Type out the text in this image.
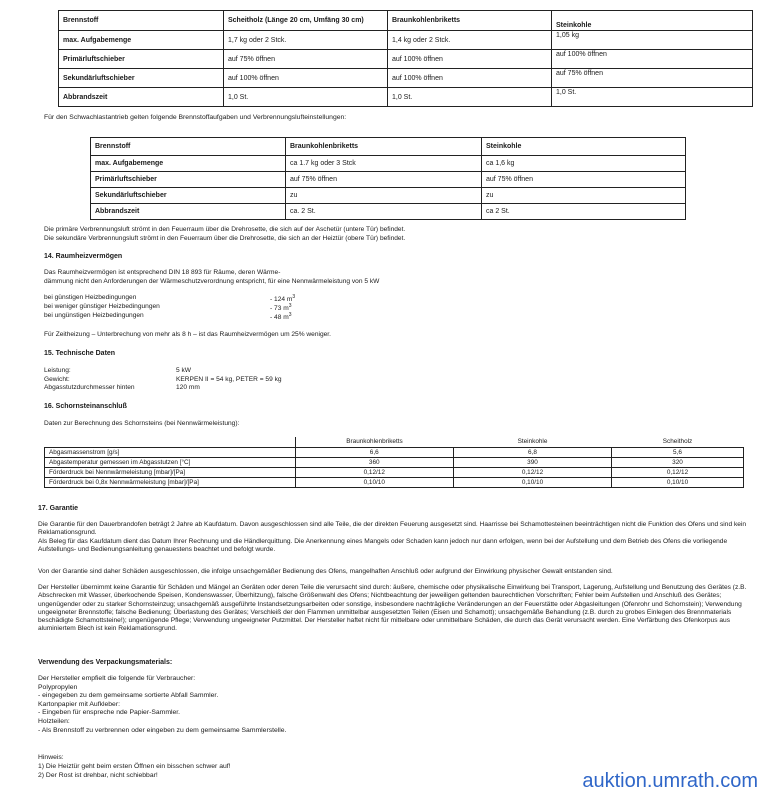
Brennstoff	Scheitholz (Länge 20 cm, Umfäng 30 cm)	Braunkohlenbriketts	Steinkohle
max. Aufgabemenge	1,7 kg oder 2 Stck.	1,4 kg oder 2 Stck.	1,05 kg
Primärluftschieber	auf 75% öffnen	auf 100% öffnen	auf 100% öffnen
Sekundärluftschieber	auf 100% öffnen	auf 100% öffnen	auf 75% öffnen
Abbrandszeit	1,0 St.	1,0 St.	1,0 St.
Für den Schwachlastantrieb gelten folgende Brennstoffaufgaben und Verbrennungslufteinstellungen:
Brennstoff	Braunkohlenbriketts	Steinkohle
max. Aufgabemenge	ca 1.7 kg oder 3 Stck	ca 1,6 kg
Primärluftschieber	auf 75% öffnen	auf 75% öffnen
Sekundärluftschieber	zu	zu
Abbrandszeit	ca. 2 St.	ca 2 St.

Die primäre Verbrennungsluft strömt in den Feuerraum über die Drehrosette, die sich auf der Aschetür (untere Tür) befindet.

Die sekundäre Verbrennungsluft strömt in den Feuerraum über die Drehrosette, die sich an der Heiztür (obere Tür) befindet.

14. Raumheizvermögen

Das Raumheizvermögen ist entsprechend DIN 18 893 für Räume, deren Wärme-

dämmung nicht den Anforderungen der Wärmeschutzverordnung entspricht, für eine Nennwärmeleistung von 5 kW

bei günstigen Heizbedingungen	- 124 $m^3$
bei weniger günstiger Heizbedingungen	- 73 $m^3$
bei ungünstigen Heizbedingungen	- 48 $m^3$
Für Zeitheizung – Unterbrechung von mehr als 8 h – ist das Raumheizvermögen um 25% weniger.
15. Technische Daten
Leistung:	5 kW
Gewicht:	KERPEN II = 54 kg, PETER = 59 kg
Abgasstutzdurchmesser hinten	120 mm
16. Schornsteinanschluß
Daten zur Berechnung des Schornsteins (bei Nennwärmeleistung):
	Braunkohlenbriketts	Steinkohle	Scheitholz
Abgasmassenstrom [g/s]	6,6	6,8	5,6
Abgastemperatur gemessen im Abgasstutzen [°C]	360	390	320
Förderdruck bei Nennwärmeleistung [mbar]/[Pa]	0,12/12	0,12/12	0,12/12
Förderdruck bei 0,8x Nennwärmeleistung [mbar]/[Pa]	0,10/10	0,10/10	0,10/10
17. Garantie

Die Garantie für den Dauerbrandofen beträgt 2 Jahre ab Kaufdatum. Davon ausgeschlossen sind alle Teile, die der direkten Feuerung ausgesetzt sind. Haarrisse bei Schamottesteinen beeinträchtigen nicht die Funktion des Ofens und sind kein Reklamationsgrund.

Als Beleg für das Kaufdatum dient das Datum Ihrer Rechnung und die Händlerquittung. Die Anerkennung eines Mangels oder Schaden kann jedoch nur dann erfolgen, wenn bei der Aufstellung und dem Betrieb des Ofens die vorliegende Aufstellungs- und Bedienungsanleitung genauestens beachtet und befolgt wurde.

Von der Garantie sind daher Schäden ausgeschlossen, die infolge unsachgemäßer Bedienung des Ofens, mangelhaften Anschluß oder aufgrund der Einwirkung physischer Gewalt entstanden sind.

Der Hersteller übernimmt keine Garantie für Schäden und Mängel an Geräten oder deren Teile die verursacht sind durch: äußere, chemische oder physikalische Einwirkung bei Transport, Lagerung, Aufstellung und Benutzung des Gerätes (z.B. Abschrecken mit Wasser, überkochende Speisen, Kondenswasser, Überhitzung), falsche Größenwahl des Ofens; Nichtbeachtung der jeweiligen geltenden baurechtlichen Vorschriften; Fehler beim Aufstellen und Anschluß des Gerätes; ungenügender oder zu starker Schornsteinzug; unsachgemäß ausgeführte Instandsetzungsarbeiten oder sonstige, insbesondere nachträgliche Veränderungen an der Feuerstätte oder Abgasleitungen (Ofenrohr und Schornstein); Verwendung ungeeigneter Brennstoffe; falsche Bedienung; Überlastung des Gerätes; Verschleiß der den Flammen unmittelbar ausgesetzten Teilen (Eisen und Schamott); unsachgemäße Behandlung (z.B. durch zu grobes Einlegen des Brennmaterials beschädigte Schamottsteine!); ungenügende Pflege; Verwendung ungeeigneter Putzmittel. Der Hersteller haftet nicht für mittelbare oder unmittelbare Schäden, die durch das Gerät verursacht werden. Eine Verfärbung des Ofenkorpus aus aluminiertem Blech ist kein Reklamationsgrund.

Verwendung des Verpackungsmaterials:

Der Hersteller empfielt die folgende für Verbraucher:

Polypropylen

- eingegeben zu dem gemeinsame sortierte Abfall Sammler.

Kartonpapier mit Aufkleber:

- Eingeben für enspreche nde Papier-Sammler.

Holzteilen:

- Als Brennstoff zu verbrennen oder eingeben zu dem gemeinsame Sammlerstelle.

Hinweis:

1) Die Heiztür geht beim ersten Öffnen ein bisschen schwer auf!

2) Der Rost ist drehbar, nicht schiebbar!	auktion.umrath.com
